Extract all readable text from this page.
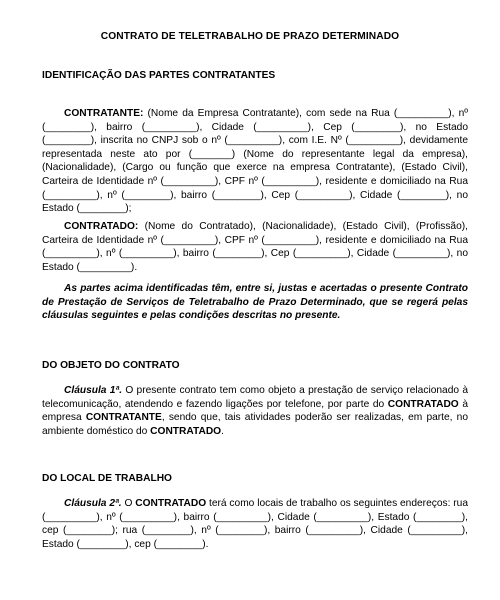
CONTRATO DE TELETRABALHO DE PRAZO DETERMINADO
IDENTIFICAÇÃO DAS PARTES CONTRATANTES
CONTRATANTE: (Nome da Empresa Contratante), com sede na Rua (_________), nº (________), bairro (_________), Cidade (_________), Cep (________), no Estado (________), inscrita no CNPJ sob o nº (_________), com I.E. Nº (_________), devidamente representada neste ato por (_______) (Nome do representante legal da empresa), (Nacionalidade), (Cargo ou função que exerce na empresa Contratante), (Estado Civil), Carteira de Identidade nº (_________), CPF nº (_________), residente e domiciliado na Rua (_________), nº (________), bairro (________), Cep (_________), Cidade (________), no Estado (________);
CONTRATADO: (Nome do Contratado), (Nacionalidade), (Estado Civil), (Profissão), Carteira de Identidade nº (_________), CPF nº (_________), residente e domiciliado na Rua (_________), nº (_________), bairro (________), Cep (_________), Cidade (_________), no Estado (_________).
As partes acima identificadas têm, entre si, justas e acertadas o presente Contrato de Prestação de Serviços de Teletrabalho de Prazo Determinado, que se regerá pelas cláusulas seguintes e pelas condições descritas no presente.
DO OBJETO DO CONTRATO
Cláusula 1ª. O presente contrato tem como objeto a prestação de serviço relacionado à telecomunicação, atendendo e fazendo ligações por telefone, por parte do CONTRATADO à empresa CONTRATANTE, sendo que, tais atividades poderão ser realizadas, em parte, no ambiente doméstico do CONTRATADO.
DO LOCAL DE TRABALHO
Cláusula 2ª. O CONTRATADO terá como locais de trabalho os seguintes endereços: rua (_________), nº (_________), bairro (_________), Cidade (_________), Estado (________), cep (________); rua (________), nº (________), bairro (_________), Cidade (_________), Estado (________), cep (________).
